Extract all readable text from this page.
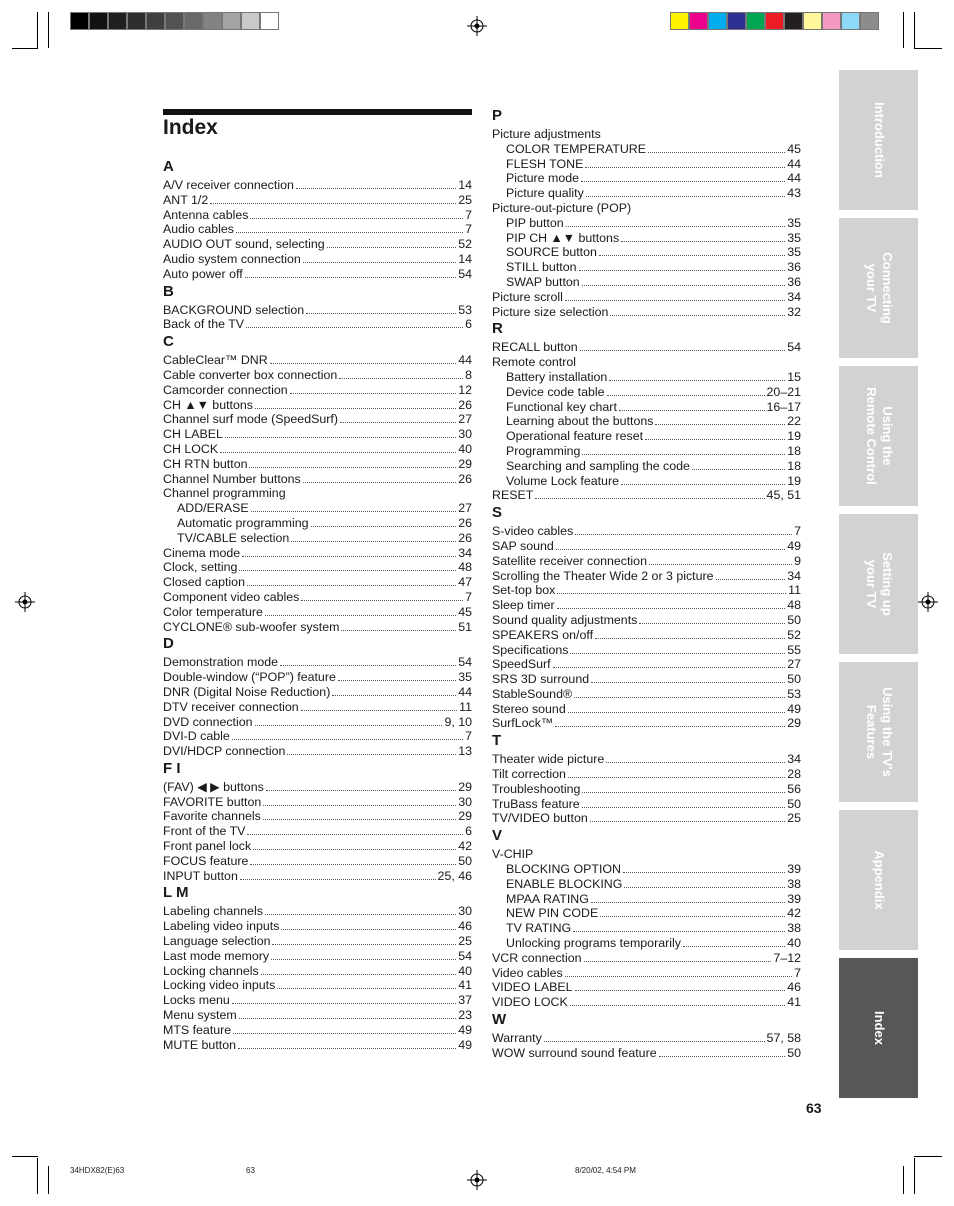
Index
A
A/V receiver connection	14
ANT 1/2	25
Antenna cables	7
Audio cables	7
AUDIO OUT sound, selecting	52
Audio system connection	14
Auto power off	54
B
BACKGROUND selection	53
Back of the TV	6
C
CableClear™ DNR	44
Cable converter box connection	8
Camcorder connection	12
CH ▲▼ buttons	26
Channel surf mode (SpeedSurf)	27
CH LABEL	30
CH LOCK	40
CH RTN button	29
Channel Number buttons	26
Channel programming
ADD/ERASE	27
Automatic programming	26
TV/CABLE selection	26
Cinema mode	34
Clock, setting	48
Closed caption	47
Component video cables	7
Color temperature	45
CYCLONE® sub-woofer system	51
D
Demonstration mode	54
Double-window (“POP”) feature	35
DNR (Digital Noise Reduction)	44
DTV receiver connection	11
DVD connection	9, 10
DVI-D cable	7
DVI/HDCP connection	13
F I
(FAV) ◀ ▶ buttons	29
FAVORITE button	30
Favorite channels	29
Front of the TV	6
Front panel lock	42
FOCUS feature	50
INPUT button	25, 46
L M
Labeling channels	30
Labeling video inputs	46
Language selection	25
Last mode memory	54
Locking channels	40
Locking video inputs	41
Locks menu	37
Menu system	23
MTS feature	49
MUTE button	49
P
Picture adjustments
COLOR TEMPERATURE	45
FLESH TONE	44
Picture mode	44
Picture quality	43
Picture-out-picture (POP)
PIP button	35
PIP CH ▲▼ buttons	35
SOURCE button	35
STILL button	36
SWAP button	36
Picture scroll	34
Picture size selection	32
R
RECALL button	54
Remote control
Battery installation	15
Device code table	20–21
Functional key chart	16–17
Learning about the buttons	22
Operational feature reset	19
Programming	18
Searching and sampling the code	18
Volume Lock feature	19
RESET	45, 51
S
S-video cables	7
SAP sound	49
Satellite receiver connection	9
Scrolling the Theater Wide 2 or 3 picture	34
Set-top box	11
Sleep timer	48
Sound quality adjustments	50
SPEAKERS on/off	52
Specifications	55
SpeedSurf	27
SRS 3D surround	50
StableSound®	53
Stereo sound	49
SurfLock™	29
T
Theater wide picture	34
Tilt correction	28
Troubleshooting	56
TruBass feature	50
TV/VIDEO button	25
V
V-CHIP
BLOCKING OPTION	39
ENABLE BLOCKING	38
MPAA RATING	39
NEW PIN CODE	42
TV RATING	38
Unlocking programs temporarily	40
VCR connection	7–12
Video cables	7
VIDEO LABEL	46
VIDEO LOCK	41
W
Warranty	57, 58
WOW surround sound feature	50
Introduction
Connecting
your TV
Using the
Remote Control
Setting up
your TV
Using the TV's
Features
Appendix
Index
63
34HDX82(E)63	63	8/20/02, 4:54 PM
